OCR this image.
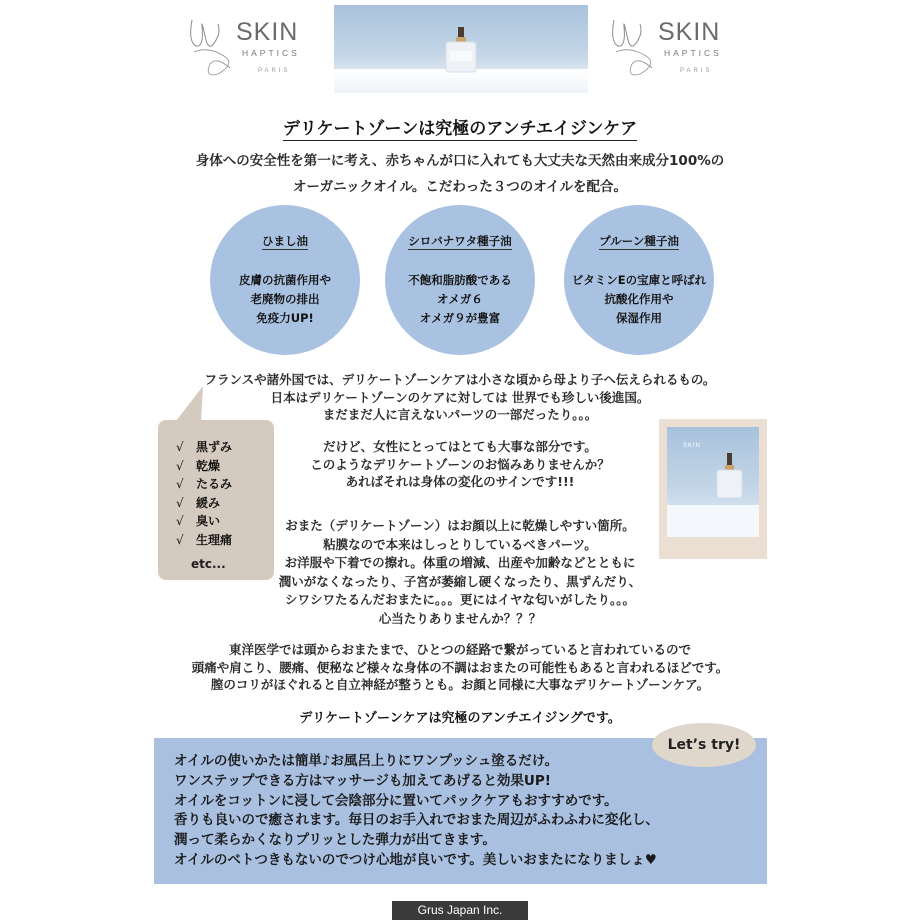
SKIN
HAPTICS
PARIS
SKIN
HAPTICS
PARIS
デリケートゾーンは究極のアンチエイジンケア
身体への安全性を第一に考え、赤ちゃんが口に入れても大丈夫な天然由来成分100%の
オーガニックオイル。こだわった３つのオイルを配合。
ひまし油
皮膚の抗菌作用や
老廃物の排出
免疫力UP!
シロバナワタ種子油
不飽和脂肪酸である
オメガ６
オメガ９が豊富
プルーン種子油
ビタミンEの宝庫と呼ばれ
抗酸化作用や
保湿作用
フランスや諸外国では、デリケートゾーンケアは小さな頃から母より子へ伝えられるもの。
日本はデリケートゾーンのケアに対しては 世界でも珍しい後進国。
まだまだ人に言えないパーツの一部だったり。。。
√ 黒ずみ
√ 乾燥
√ たるみ
√ 緩み
√ 臭い
√ 生理痛
etc...
だけど、女性にとってはとても大事な部分です。
このようなデリケートゾーンのお悩みありませんか？
あればそれは身体の変化のサインです!!!
SKIN
おまた（デリケートゾーン）はお顔以上に乾燥しやすい箇所。
粘膜なので本来はしっとりしているべきパーツ。
お洋服や下着での擦れ。体重の増減、出産や加齢などとともに
潤いがなくなったり、子宮が萎縮し硬くなったり、黒ずんだり、
シワシワたるんだおまたに。。。更にはイヤな匂いがしたり。。。
心当たりありませんか？？？
東洋医学では頭からおまたまで、ひとつの経路で繋がっていると言われているので
頭痛や肩こり、腰痛、便秘など様々な身体の不調はおまたの可能性もあると言われるほどです。
膣のコリがほぐれると自立神経が整うとも。お顔と同様に大事なデリケートゾーンケア。
デリケートゾーンケアは究極のアンチエイジングです。
オイルの使いかたは簡単♪お風呂上りにワンプッシュ塗るだけ。
ワンステップできる方はマッサージも加えてあげると効果UP!
オイルをコットンに浸して会陰部分に置いてパックケアもおすすめです。
香りも良いので癒されます。毎日のお手入れでおまた周辺がふわふわに変化し、
潤って柔らかくなりプリッとした弾力が出てきます。
オイルのベトつきもないのでつけ心地が良いです。美しいおまたになりましょ♥
Let’s try!
Grus Japan Inc.
